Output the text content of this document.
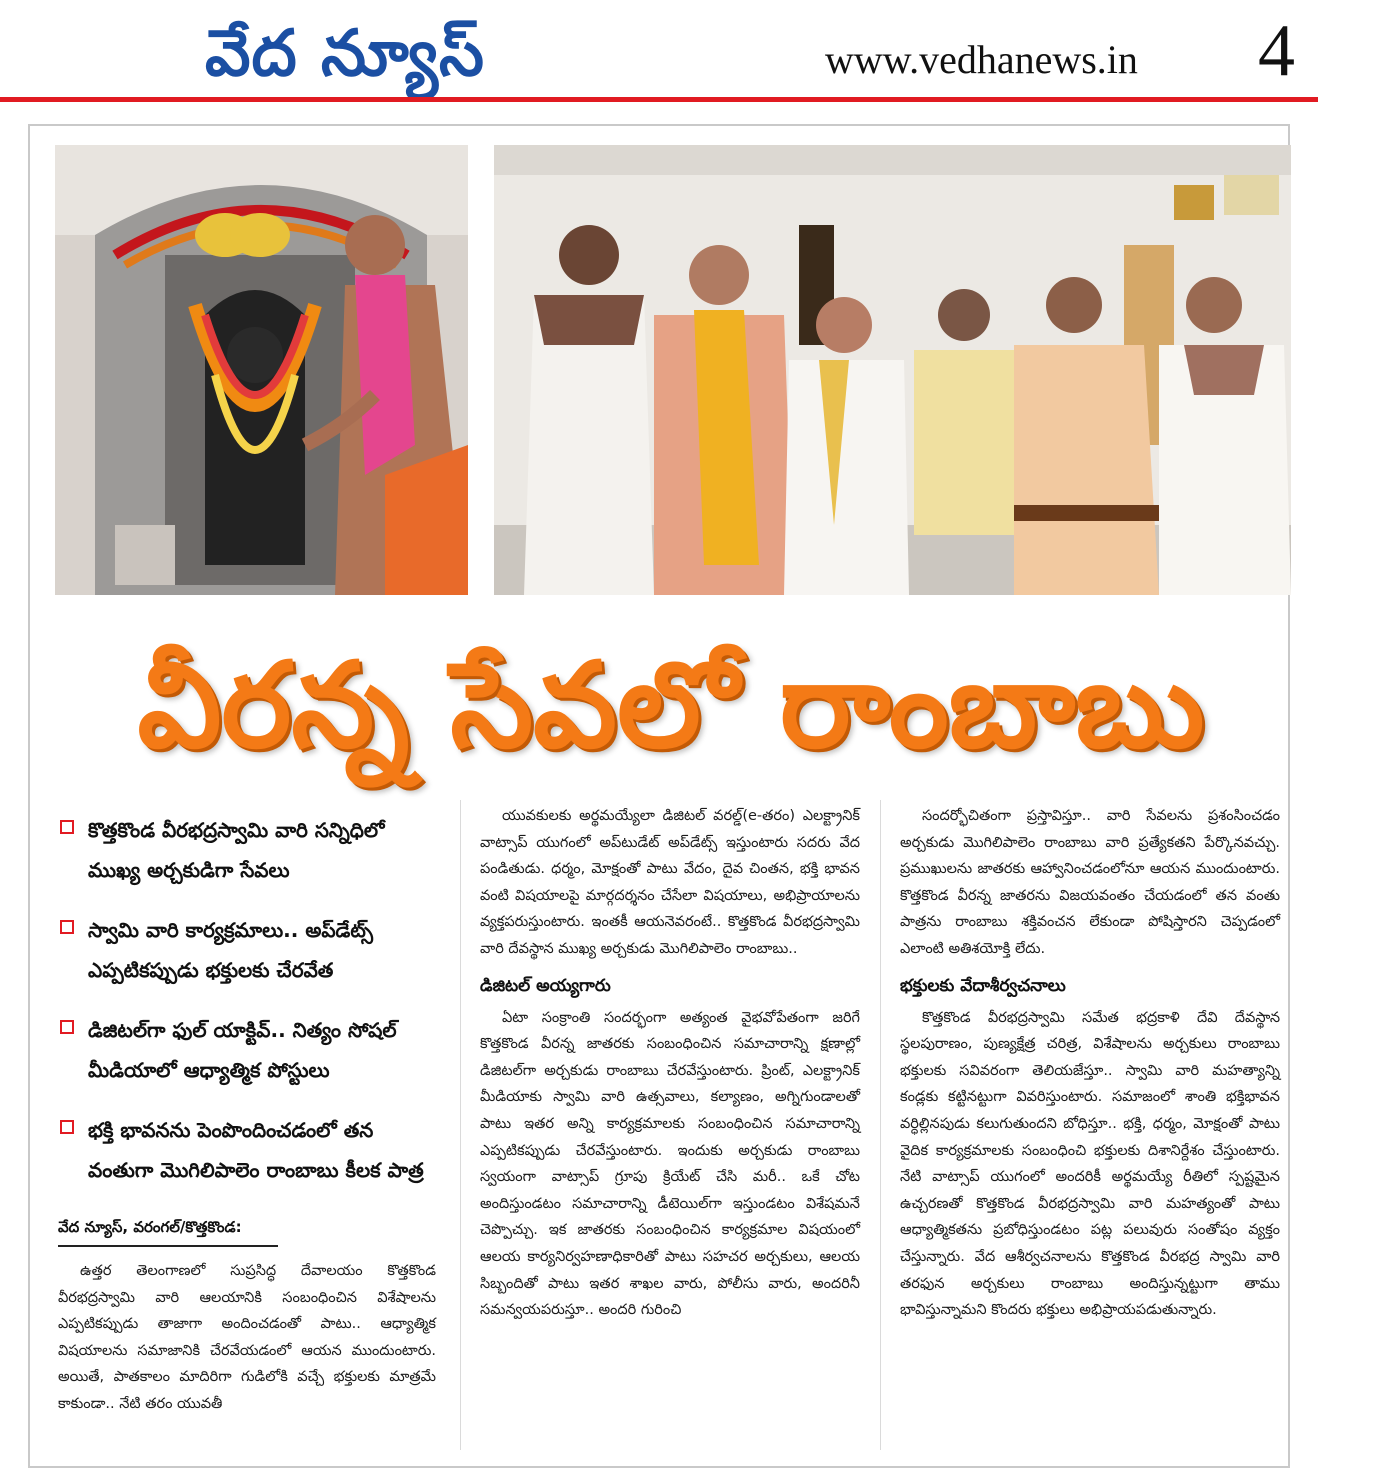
వేద న్యూస్	www.vedhanews.in 4
వీరన్న సేవలో రాంబాబు
కొత్తకొండ వీరభద్రస్వామి వారి సన్నిధిలో ముఖ్య అర్చకుడిగా సేవలు
స్వామి వారి కార్యక్రమాలు.. అప్‌డేట్స్ ఎప్పటికప్పుడు భక్తులకు చేరవేత
డిజిటల్‌గా ఫుల్ యాక్టివ్.. నిత్యం సోషల్ మీడియాలో ఆధ్యాత్మిక పోస్టులు
భక్తి భావనను పెంపొందించడంలో తన వంతుగా మొగిలిపాలెం రాంబాబు కీలక పాత్ర
వేద న్యూస్, వరంగల్/కొత్తకొండ:

ఉత్తర తెలంగాణలో సుప్రసిద్ధ దేవాలయం కొత్తకొండ వీరభద్రస్వామి వారి ఆలయానికి సంబంధించిన విశేషాలను ఎప్పటికప్పుడు తాజాగా అందించడంతో పాటు.. ఆధ్యాత్మిక విషయాలను సమాజానికి చేరవేయడంలో ఆయన ముందుంటారు. అయితే, పాతకాలం మాదిరిగా గుడిలోకి వచ్చే భక్తులకు మాత్రమే కాకుండా.. నేటి తరం యువతీ

యువకులకు అర్థమయ్యేలా డిజిటల్ వరల్డ్(e-తరం) ఎలక్ట్రానిక్ వాట్సాప్ యుగంలో అప్‌టుడేట్ అప్‌డేట్స్ ఇస్తుంటారు సదరు వేద పండితుడు. ధర్మం, మోక్షంతో పాటు వేదం, దైవ చింతన, భక్తి భావన వంటి విషయాలపై మార్గదర్శనం చేసేలా విషయాలు, అభిప్రాయాలను వ్యక్తపరుస్తుంటారు. ఇంతకీ ఆయనెవరంటే.. కొత్తకొండ వీరభద్రస్వామి వారి దేవస్థాన ముఖ్య అర్చకుడు మొగిలిపాలెం రాంబాబు..

డిజిటల్ అయ్యగారు

ఏటా సంక్రాంతి సందర్భంగా అత్యంత వైభవోపేతంగా జరిగే కొత్తకొండ వీరన్న జాతరకు సంబంధించిన సమాచారాన్ని క్షణాల్లో డిజిటల్‌గా అర్చకుడు రాంబాబు చేరవేస్తుంటారు. ప్రింట్, ఎలక్ట్రానిక్ మీడియాకు స్వామి వారి ఉత్సవాలు, కల్యాణం, అగ్నిగుండాలతో పాటు ఇతర అన్ని కార్యక్రమాలకు సంబంధించిన సమాచారాన్ని ఎప్పటికప్పుడు చేరవేస్తుంటారు. ఇందుకు అర్చకుడు రాంబాబు స్వయంగా వాట్సాప్ గ్రూపు క్రియేట్ చేసి మరీ.. ఒకే చోట అందిస్తుండటం సమాచారాన్ని డీటెయిల్‌గా ఇస్తుండటం విశేషమనే చెప్పొచ్చు. ఇక జాతరకు సంబంధించిన కార్యక్రమాల విషయంలో ఆలయ కార్యనిర్వహణాధికారితో పాటు సహచర అర్చకులు, ఆలయ సిబ్బందితో పాటు ఇతర శాఖల వారు, పోలీసు వారు, అందరినీ సమన్వయపరుస్తూ.. అందరి గురించి

సందర్భోచితంగా ప్రస్తావిస్తూ.. వారి సేవలను ప్రశంసించడం అర్చకుడు మొగిలిపాలెం రాంబాబు వారి ప్రత్యేకతని పేర్కొనవచ్చు. ప్రముఖులను జాతరకు ఆహ్వానించడంలోనూ ఆయన ముందుంటారు. కొత్తకొండ వీరన్న జాతరను విజయవంతం చేయడంలో తన వంతు పాత్రను రాంబాబు శక్తివంచన లేకుండా పోషిస్తారని చెప్పడంలో ఎలాంటి అతిశయోక్తి లేదు.

భక్తులకు వేదాశీర్వచనాలు

కొత్తకొండ వీరభద్రస్వామి సమేత భద్రకాళి దేవి దేవస్థాన స్థలపురాణం, పుణ్యక్షేత్ర చరిత్ర, విశేషాలను అర్చకులు రాంబాబు భక్తులకు సవివరంగా తెలియజేస్తూ.. స్వామి వారి మహత్యాన్ని కండ్లకు కట్టినట్టుగా వివరిస్తుంటారు. సమాజంలో శాంతి భక్తిభావన వర్ధిల్లినపుడు కలుగుతుందని బోధిస్తూ.. భక్తి, ధర్మం, మోక్షంతో పాటు వైదిక కార్యక్రమాలకు సంబంధించి భక్తులకు దిశానిర్దేశం చేస్తుంటారు. నేటి వాట్సాప్ యుగంలో అందరికీ అర్థమయ్యే రీతిలో స్పష్టమైన ఉచ్చరణతో కొత్తకొండ వీరభద్రస్వామి వారి మహత్యంతో పాటు ఆధ్యాత్మికతను ప్రబోధిస్తుండటం పట్ల పలువురు సంతోషం వ్యక్తం చేస్తున్నారు. వేద ఆశీర్వచనాలను కొత్తకొండ వీరభద్ర స్వామి వారి తరఫున అర్చకులు రాంబాబు అందిస్తున్నట్టుగా తాము భావిస్తున్నామని కొందరు భక్తులు అభిప్రాయపడుతున్నారు.
